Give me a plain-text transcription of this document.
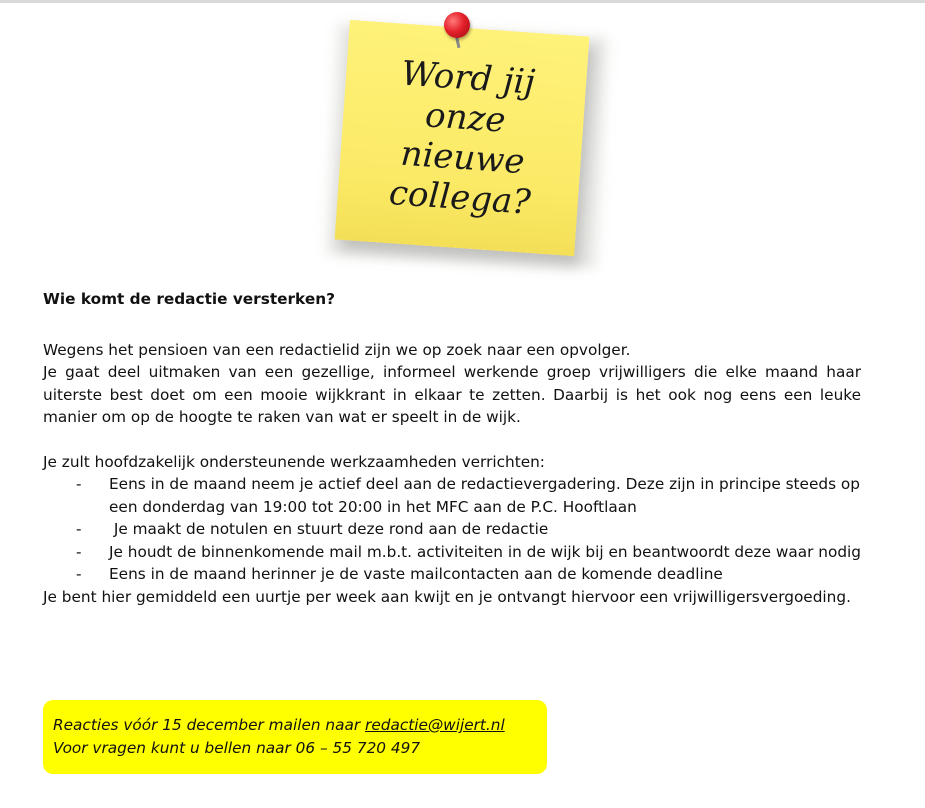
Word jij
onze
nieuwe
collega?

Wie komt de redactie versterken?

Wegens het pensioen van een redactielid zijn we op zoek naar een opvolger.

Je gaat deel uitmaken van een gezellige, informeel werkende groep vrijwilligers die elke maand haar uiterste best doet om een mooie wijkkrant in elkaar te zetten. Daarbij is het ook nog eens een leuke manier om op de hoogte te raken van wat er speelt in de wijk.

Je zult hoofdzakelijk ondersteunende werkzaamheden verrichten:

- Eens in de maand neem je actief deel aan de redactievergadering. Deze zijn in principe steeds op een donderdag van 19:00 tot 20:00 in het MFC aan de P.C. Hooftlaan
- Je maakt de notulen en stuurt deze rond aan de redactie
- Je houdt de binnenkomende mail m.b.t. activiteiten in de wijk bij en beantwoordt deze waar nodig
- Eens in de maand herinner je de vaste mailcontacten aan de komende deadline

Je bent hier gemiddeld een uurtje per week aan kwijt en je ontvangt hiervoor een vrijwilligersvergoeding.

Reacties vóór 15 december mailen naar redactie@wijert.nl
Voor vragen kunt u bellen naar 06 – 55 720 497
